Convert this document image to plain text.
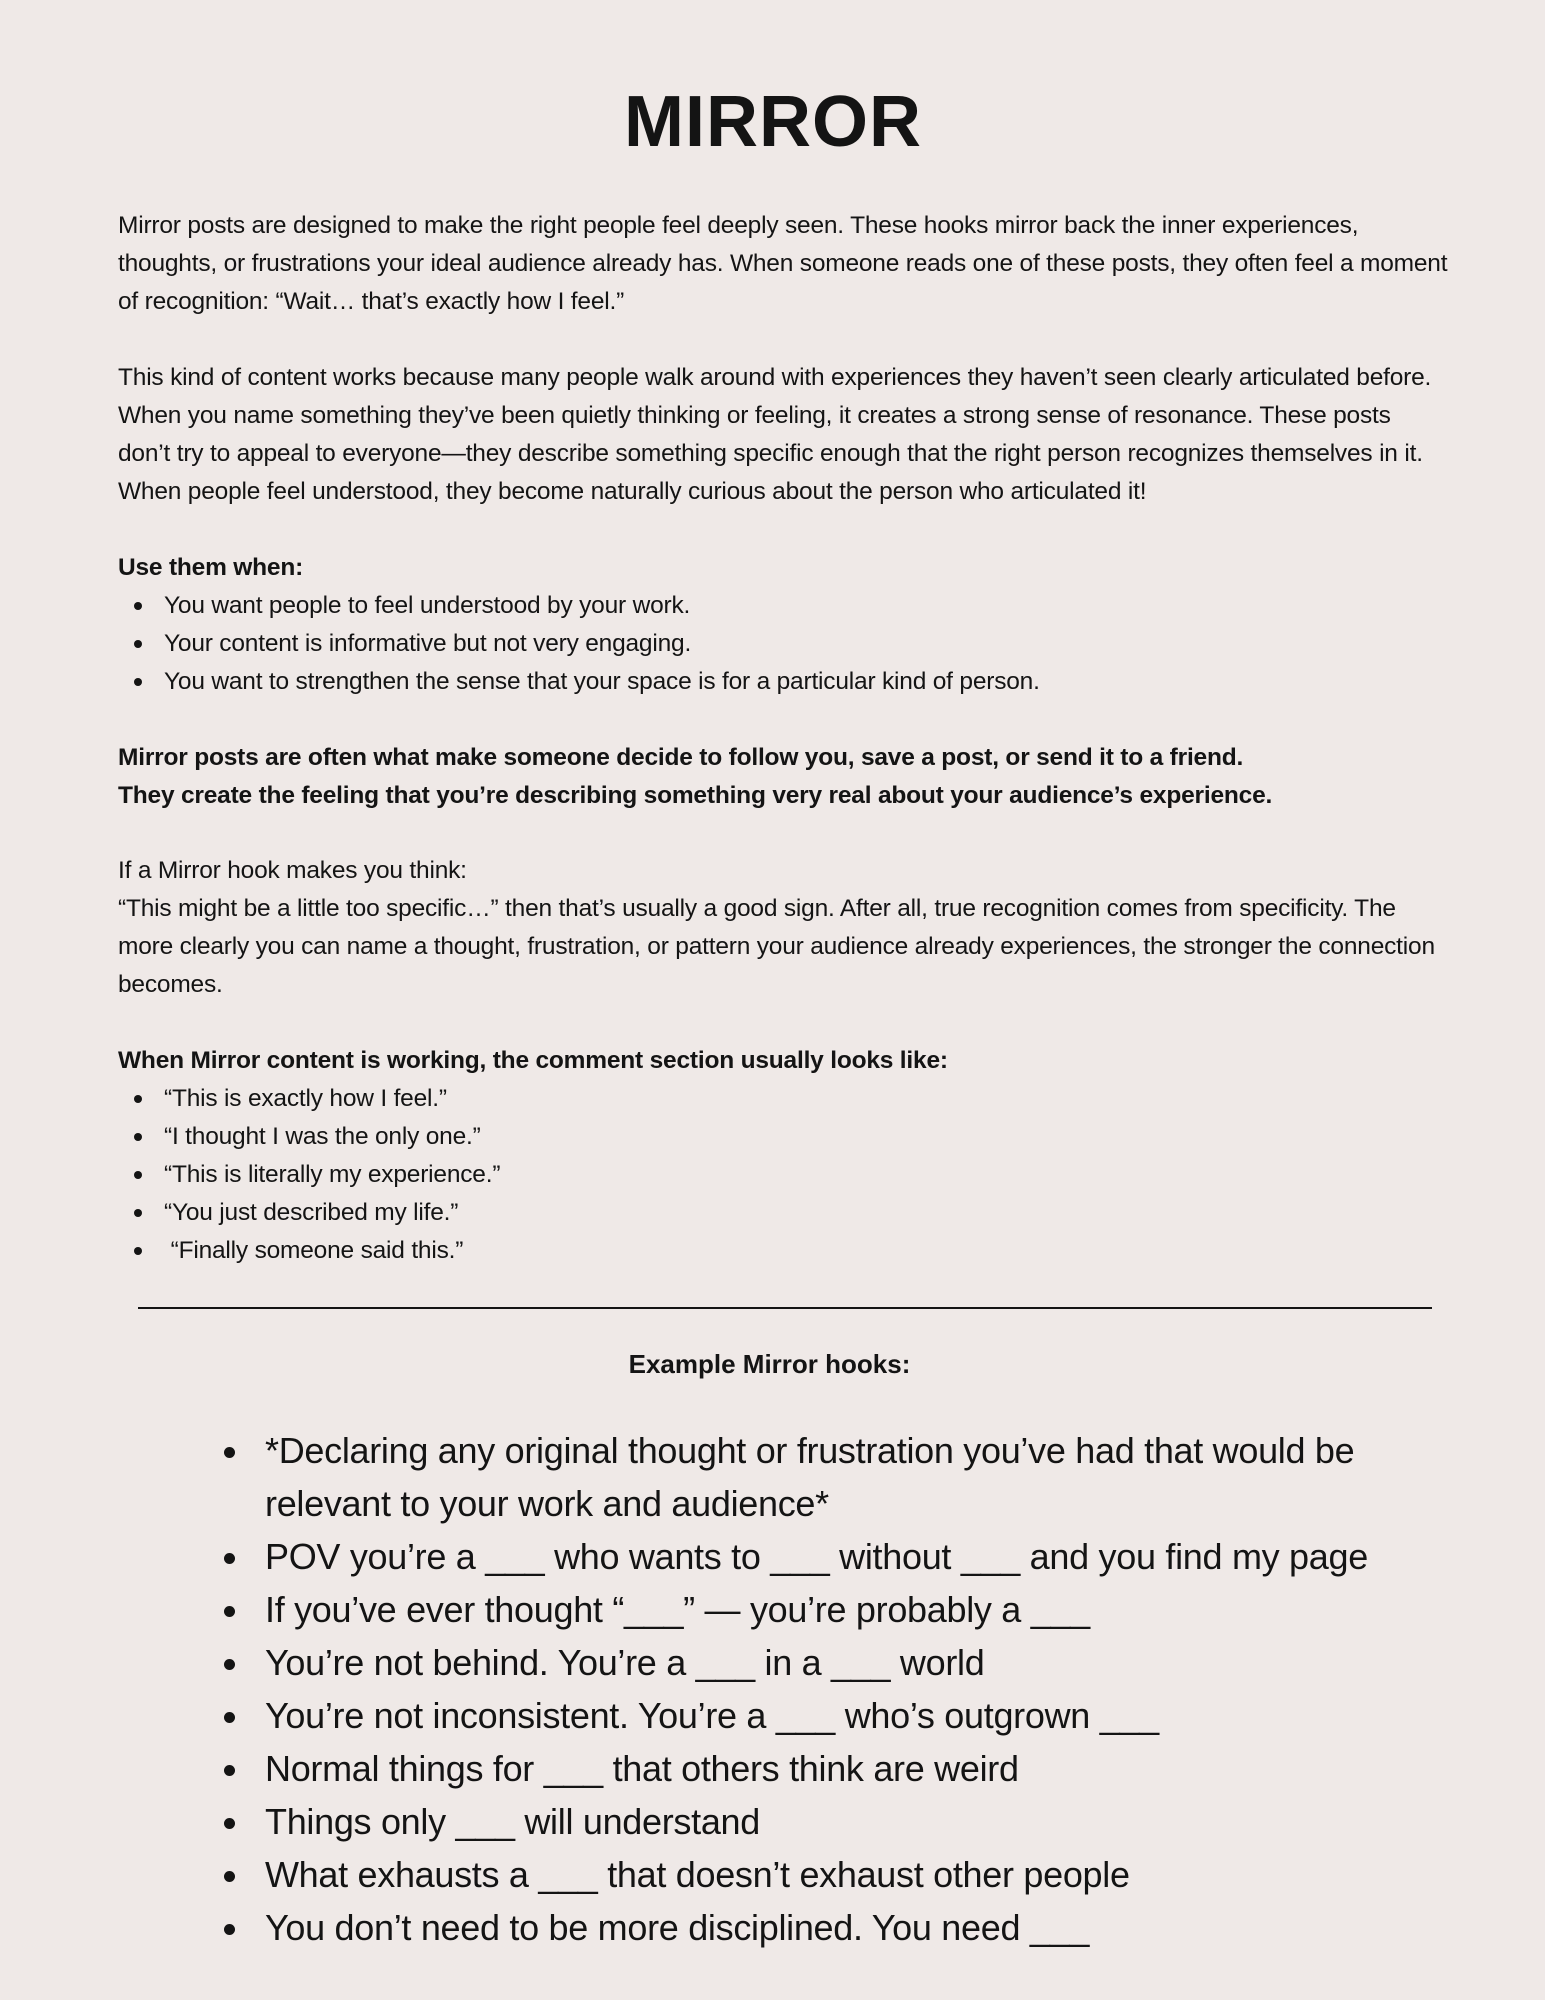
MIRROR

Mirror posts are designed to make the right people feel deeply seen. These hooks mirror back the inner experiences, thoughts, or frustrations your ideal audience already has. When someone reads one of these posts, they often feel a moment of recognition: “Wait… that’s exactly how I feel.”

This kind of content works because many people walk around with experiences they haven’t seen clearly articulated before. When you name something they’ve been quietly thinking or feeling, it creates a strong sense of resonance. These posts don’t try to appeal to everyone—they describe something specific enough that the right person recognizes themselves in it. When people feel understood, they become naturally curious about the person who articulated it!

Use them when:

You want people to feel understood by your work.
Your content is informative but not very engaging.
You want to strengthen the sense that your space is for a particular kind of person.

Mirror posts are often what make someone decide to follow you, save a post, or send it to a friend.

They create the feeling that you’re describing something very real about your audience’s experience.

If a Mirror hook makes you think:

“This might be a little too specific…” then that’s usually a good sign. After all, true recognition comes from specificity. The more clearly you can name a thought, frustration, or pattern your audience already experiences, the stronger the connection becomes.

When Mirror content is working, the comment section usually looks like:

“This is exactly how I feel.”
“I thought I was the only one.”
“This is literally my experience.”
“You just described my life.”
“Finally someone said this.”
Example Mirror hooks:
*Declaring any original thought or frustration you’ve had that would be relevant to your work and audience*
POV you’re a ___ who wants to ___ without ___ and you find my page
If you’ve ever thought “___” — you’re probably a ___
You’re not behind. You’re a ___ in a ___ world
You’re not inconsistent. You’re a ___ who’s outgrown ___
Normal things for ___ that others think are weird
Things only ___ will understand
What exhausts a ___ that doesn’t exhaust other people
You don’t need to be more disciplined. You need ___
